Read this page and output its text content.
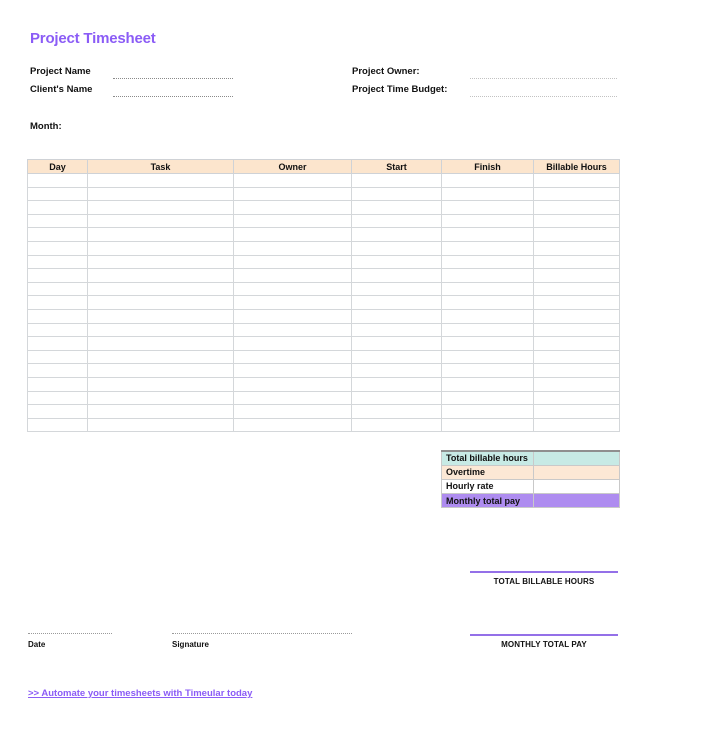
Project Timesheet
Project Name
Client's Name
Project Owner:
Project Time Budget:
Month:
Day	Task	Owner	Start	Finish	Billable Hours

Total billable hours	
Overtime	
Hourly rate	
Monthly total pay	
TOTAL BILLABLE HOURS
MONTHLY TOTAL PAY
Date	Signature
>> Automate your timesheets with Timeular today
